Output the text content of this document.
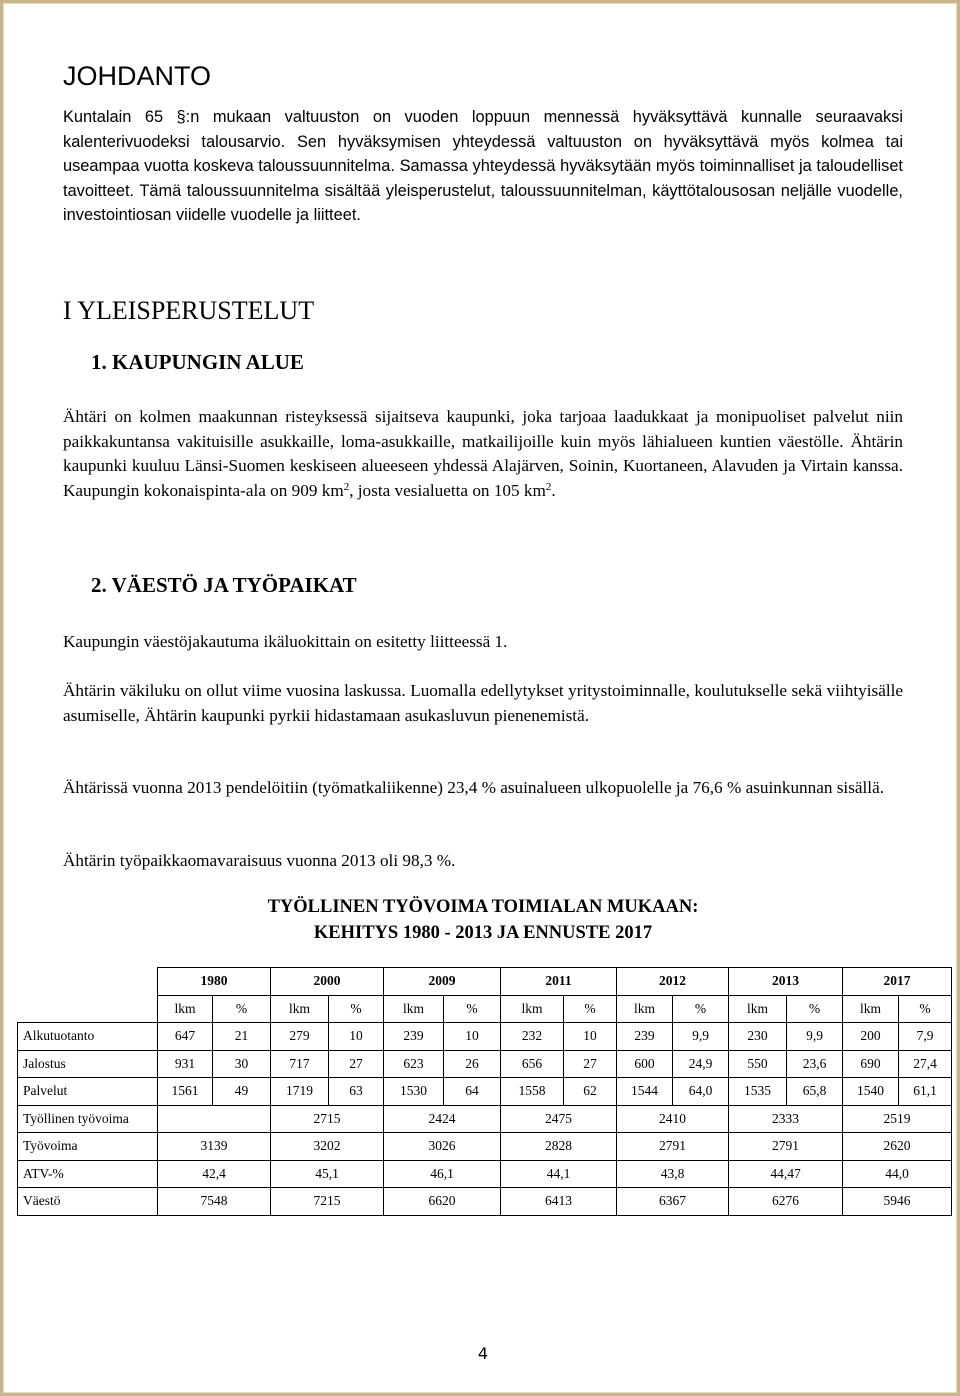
JOHDANTO

Kuntalain 65 §:n mukaan valtuuston on vuoden loppuun mennessä hyväksyttävä kunnalle seuraavaksi kalenterivuodeksi talousarvio. Sen hyväksymisen yhteydessä valtuuston on hyväksyttävä myös kolmea tai useampaa vuotta koskeva taloussuunnitelma. Samassa yhteydessä hyväksytään myös toiminnalliset ja taloudelliset tavoitteet. Tämä taloussuunnitelma sisältää yleisperustelut, taloussuunnitelman, käyttötalousosan neljälle vuodelle, investointiosan viidelle vuodelle ja liitteet.

I YLEISPERUSTELUT
1. KAUPUNGIN ALUE

Ähtäri on kolmen maakunnan risteyksessä sijaitseva kaupunki, joka tarjoaa laadukkaat ja monipuoliset palvelut niin paikkakuntansa vakituisille asukkaille, loma-asukkaille, matkailijoille kuin myös lähialueen kuntien väestölle. Ähtärin kaupunki kuuluu Länsi-Suomen keskiseen alueeseen yhdessä Alajärven, Soinin, Kuortaneen, Alavuden ja Virtain kanssa. Kaupungin kokonaispinta-ala on 909 $km^2$, josta vesialuetta on 105 $km^2$.

2. VÄESTÖ JA TYÖPAIKAT

Kaupungin väestöjakautuma ikäluokittain on esitetty liitteessä 1.

Ähtärin väkiluku on ollut viime vuosina laskussa. Luomalla edellytykset yritystoiminnalle, koulutukselle sekä viihtyisälle asumiselle, Ähtärin kaupunki pyrkii hidastamaan asukasluvun pienenemistä.

Ähtärissä vuonna 2013 pendelöitiin (työmatkaliikenne) 23,4 % asuinalueen ulkopuolelle ja 76,6 % asuinkunnan sisällä.

Ähtärin työpaikkaomavaraisuus vuonna 2013 oli 98,3 %.

TYÖLLINEN TYÖVOIMA TOIMIALAN MUKAAN:
KEHITYS 1980 - 2013 JA ENNUSTE 2017
	1980		2000		2009		2011		2012		2013		2017	
	lkm	%	lkm	%	lkm	%	lkm	%	lkm	%	lkm	%	lkm	%
Alkutuotanto	647	21	279	10	239	10	232	10	239	9,9	230	9,9	200	7,9
Jalostus	931	30	717	27	623	26	656	27	600	24,9	550	23,6	690	27,4
Palvelut	1561	49	1719	63	1530	64	1558	62	1544	64,0	1535	65,8	1540	61,1
Työllinen työvoima			2715		2424		2475		2410		2333		2519	
Työvoima	3139		3202		3026		2828		2791		2791		2620	
ATV-%	42,4		45,1		46,1		44,1		43,8		44,47		44,0	
Väestö	7548		7215		6620		6413		6367		6276		5946	
4
